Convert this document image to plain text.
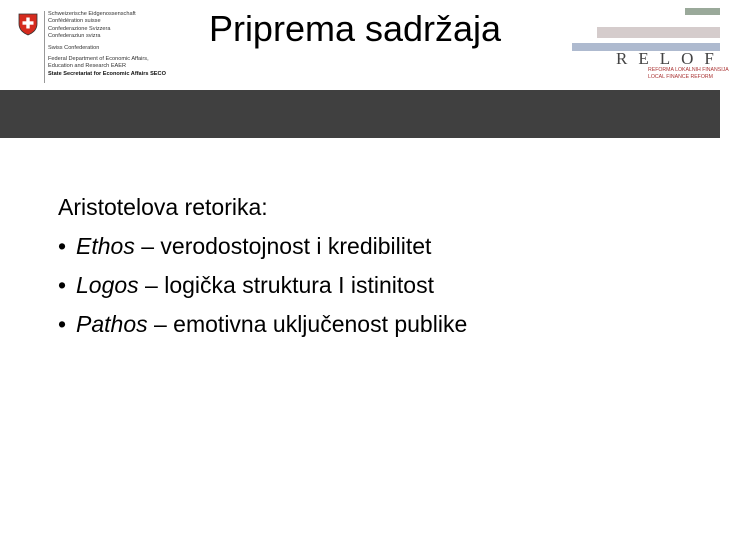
Schweizerische Eidgenossenschaft
Confédération suisse
Confederazione Svizzera
Confederaziun svizra
Swiss Confederation
Federal Department of Economic Affairs,
Education and Research EAER
State Secretariat for Economic Affairs SECO
Priprema sadržaja
RELOF
REFORMA LOKALNIH FINANSIJA
LOCAL FINANCE REFORM
Aristotelova retorika:
• Ethos – verodostojnost i kredibilitet
• Logos – logička struktura I istinitost
• Pathos – emotivna uključenost publike
